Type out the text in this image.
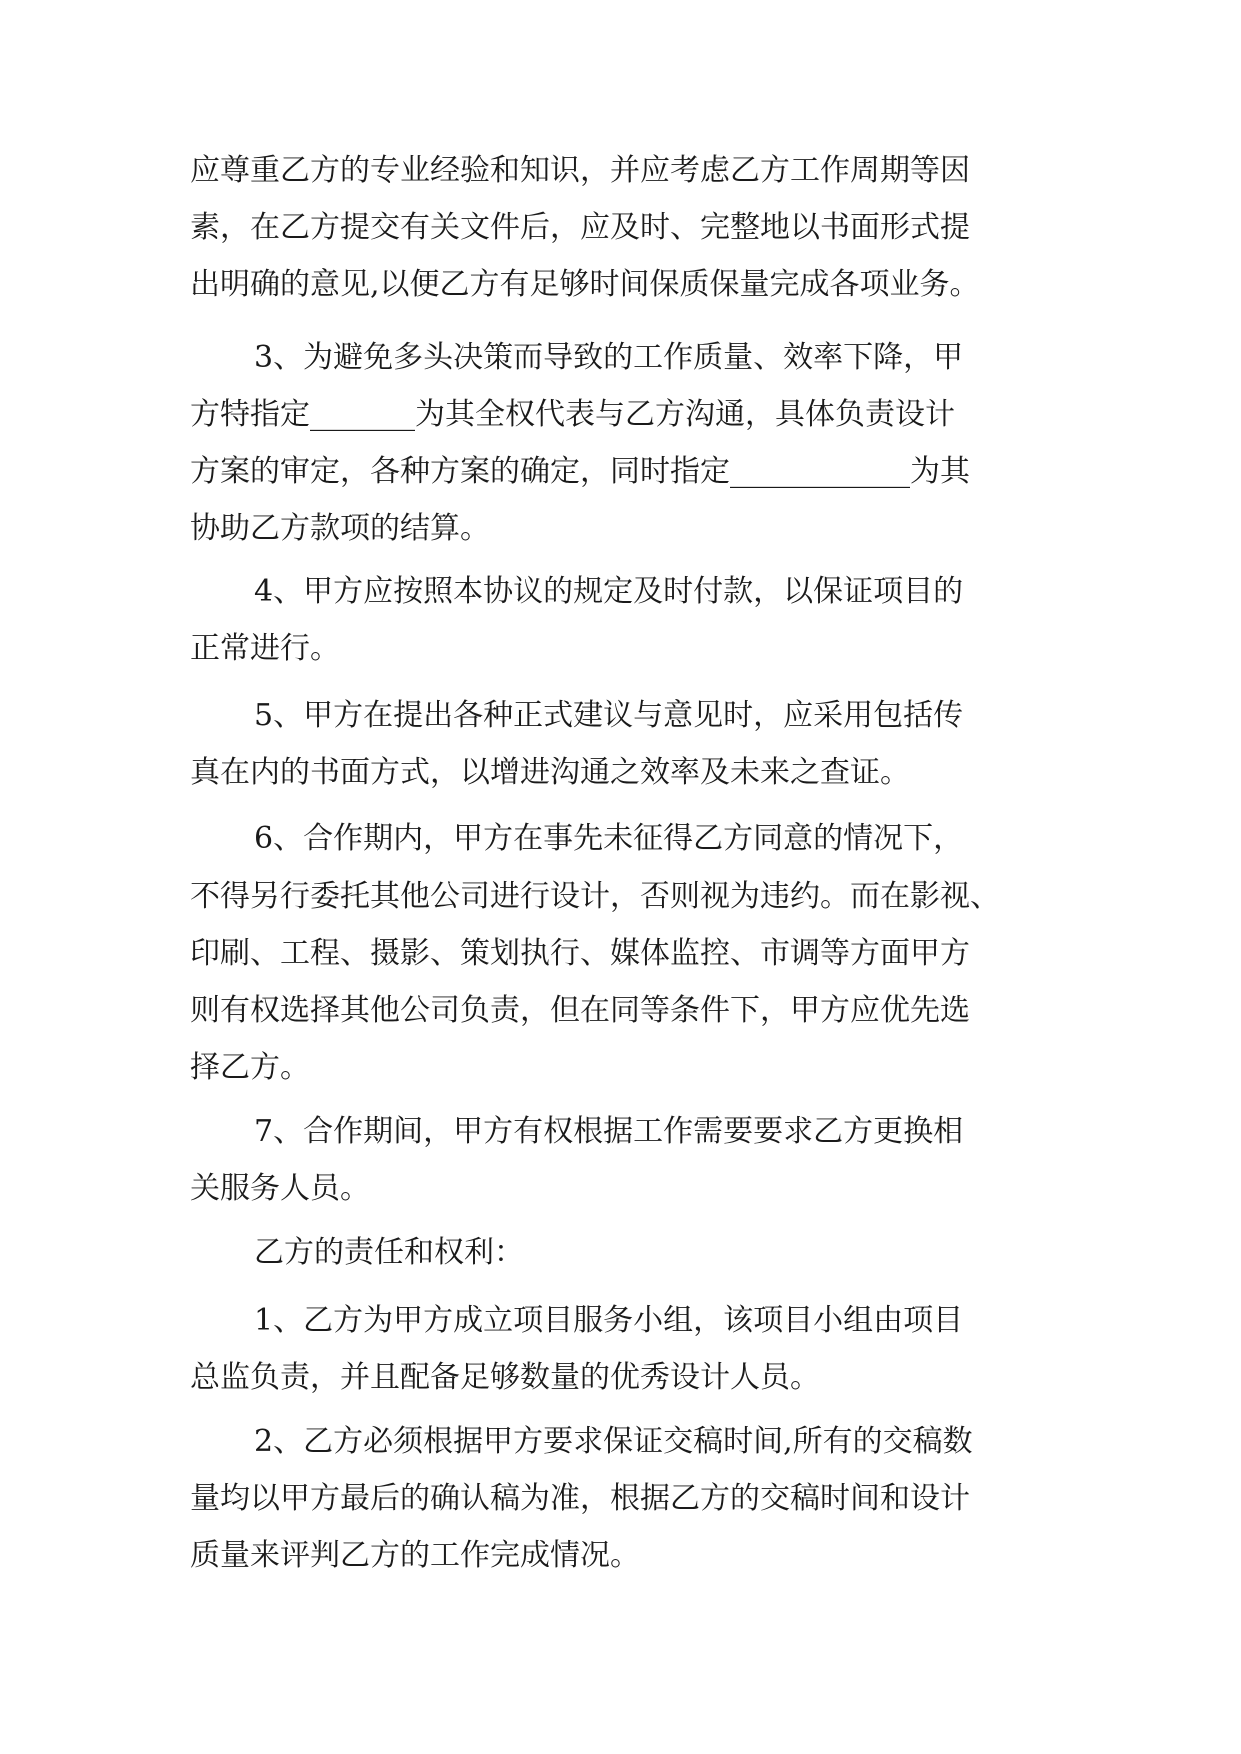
应尊重乙方的专业经验和知识，并应考虑乙方工作周期等因

素，在乙方提交有关文件后，应及时、完整地以书面形式提

出明确的意见,以便乙方有足够时间保质保量完成各项业务。

3、为避免多头决策而导致的工作质量、效率下降，甲

方特指定_______为其全权代表与乙方沟通，具体负责设计

方案的审定，各种方案的确定，同时指定____________为其

协助乙方款项的结算。

4、甲方应按照本协议的规定及时付款，以保证项目的

正常进行。

5、甲方在提出各种正式建议与意见时，应采用包括传

真在内的书面方式，以增进沟通之效率及未来之查证。

6、合作期内，甲方在事先未征得乙方同意的情况下，

不得另行委托其他公司进行设计，否则视为违约。而在影视、

印刷、工程、摄影、策划执行、媒体监控、市调等方面甲方

则有权选择其他公司负责，但在同等条件下，甲方应优先选

择乙方。

7、合作期间，甲方有权根据工作需要要求乙方更换相

关服务人员。

乙方的责任和权利：

1、乙方为甲方成立项目服务小组，该项目小组由项目

总监负责，并且配备足够数量的优秀设计人员。

2、乙方必须根据甲方要求保证交稿时间,所有的交稿数

量均以甲方最后的确认稿为准，根据乙方的交稿时间和设计

质量来评判乙方的工作完成情况。
